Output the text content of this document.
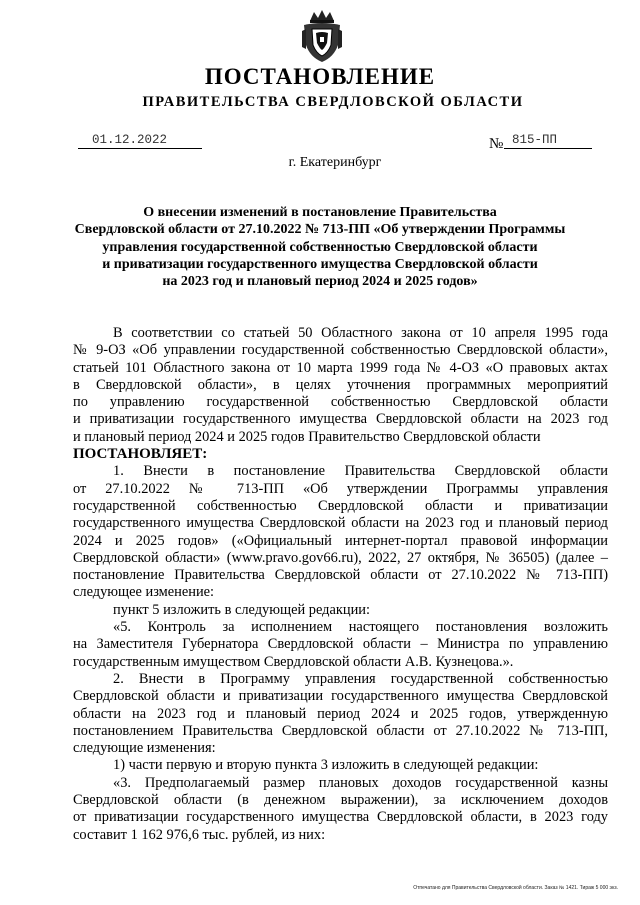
ПОСТАНОВЛЕНИЕ
ПРАВИТЕЛЬСТВА СВЕРДЛОВСКОЙ ОБЛАСТИ
01.12.2022	№ 815-ПП
г. Екатеринбург
О внесении изменений в постановление Правительства
Свердловской области от 27.10.2022 № 713-ПП «Об утверждении Программы
управления государственной собственностью Свердловской области
и приватизации государственного имущества Свердловской области
на 2023 год и плановый период 2024 и 2025 годов»

В соответствии со статьей 50 Областного закона от 10 апреля 1995 года

№ 9-ОЗ «Об управлении государственной собственностью Свердловской области»,

статьей 101 Областного закона от 10 марта 1999 года № 4-ОЗ «О правовых актах

в Свердловской области», в целях уточнения программных мероприятий

по управлению государственной собственностью Свердловской области

и приватизации государственного имущества Свердловской области на 2023 год

и плановый период 2024 и 2025 годов Правительство Свердловской области

ПОСТАНОВЛЯЕТ:

1. Внести в постановление Правительства Свердловской области

от 27.10.2022 № 713-ПП «Об утверждении Программы управления

государственной собственностью Свердловской области и приватизации

государственного имущества Свердловской области на 2023 год и плановый период

2024 и 2025 годов» («Официальный интернет-портал правовой информации

Свердловской области» (www.pravo.gov66.ru), 2022, 27 октября, № 36505) (далее –

постановление Правительства Свердловской области от 27.10.2022 № 713-ПП)

следующее изменение:

пункт 5 изложить в следующей редакции:

«5. Контроль за исполнением настоящего постановления возложить

на Заместителя Губернатора Свердловской области – Министра по управлению

государственным имуществом Свердловской области А.В. Кузнецова.».

2. Внести в Программу управления государственной собственностью

Свердловской области и приватизации государственного имущества Свердловской

области на 2023 год и плановый период 2024 и 2025 годов, утвержденную

постановлением Правительства Свердловской области от 27.10.2022 № 713-ПП,

следующие изменения:

1) части первую и вторую пункта 3 изложить в следующей редакции:

«3. Предполагаемый размер плановых доходов государственной казны

Свердловской области (в денежном выражении), за исключением доходов

от приватизации государственного имущества Свердловской области, в 2023 году

составит 1 162 976,6 тыс. рублей, из них:

Отпечатано для Правительства Свердловской области. Заказ № 1421. Тираж 5 000 экз.
